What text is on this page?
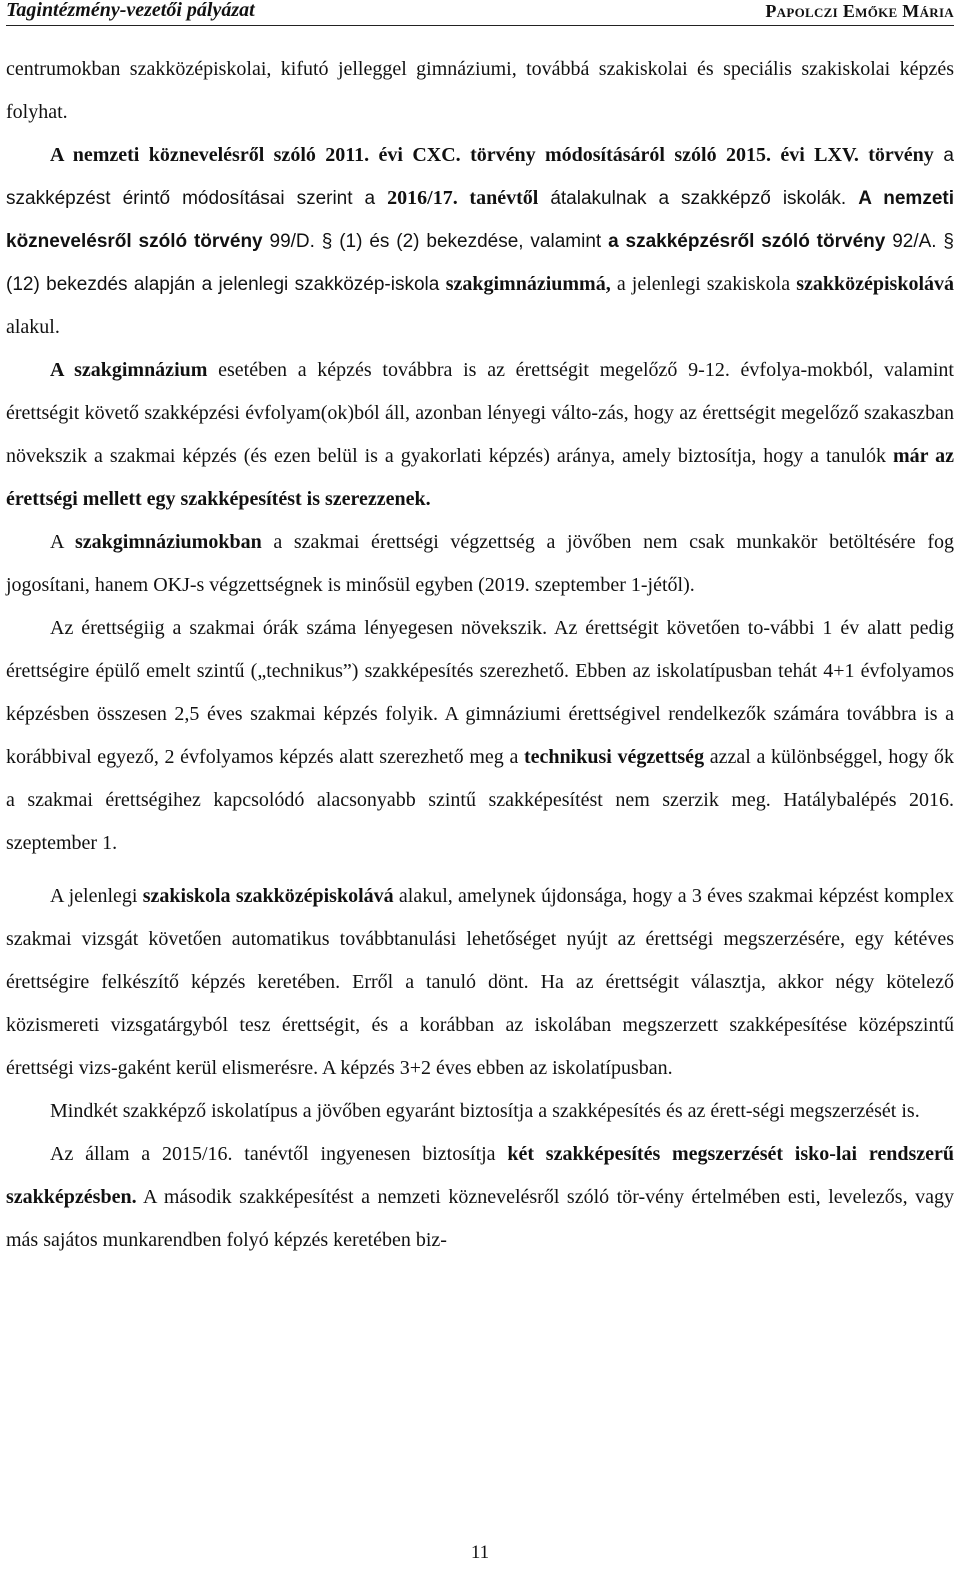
Tagintézmény-vezetői pályázat	Papolczi Emőke Mária

centrumokban szakközépiskolai, kifutó jelleggel gimnáziumi, továbbá szakiskolai és speciális szakiskolai képzés folyhat.

A nemzeti köznevelésről szóló 2011. évi CXC. törvény módosításáról szóló 2015. évi LXV. törvény a szakképzést érintő módosításai szerint a 2016/17. tanévtől átalakulnak a szakképző iskolák. A nemzeti köznevelésről szóló törvény 99/D. § (1) és (2) bekezdése, valamint a szakképzésről szóló törvény 92/A. § (12) bekezdés alapján a jelenlegi szakközép-iskola szakgimnáziummá, a jelenlegi szakiskola szakközépiskolává alakul.

A szakgimnázium esetében a képzés továbbra is az érettségit megelőző 9-12. évfolya-mokból, valamint érettségit követő szakképzési évfolyam(ok)ból áll, azonban lényegi válto-zás, hogy az érettségit megelőző szakaszban növekszik a szakmai képzés (és ezen belül is a gyakorlati képzés) aránya, amely biztosítja, hogy a tanulók már az érettségi mellett egy szakképesítést is szerezzenek.

A szakgimnáziumokban a szakmai érettségi végzettség a jövőben nem csak munkakör betöltésére fog jogosítani, hanem OKJ-s végzettségnek is minősül egyben (2019. szeptember 1-jétől).

Az érettségiig a szakmai órák száma lényegesen növekszik. Az érettségit követően to-vábbi 1 év alatt pedig érettségire épülő emelt szintű („technikus”) szakképesítés szerezhető. Ebben az iskolatípusban tehát 4+1 évfolyamos képzésben összesen 2,5 éves szakmai képzés folyik. A gimnáziumi érettségivel rendelkezők számára továbbra is a korábbival egyező, 2 évfolyamos képzés alatt szerezhető meg a technikusi végzettség azzal a különbséggel, hogy ők a szakmai érettségihez kapcsolódó alacsonyabb szintű szakképesítést nem szerzik meg. Hatálybalépés 2016. szeptember 1.

A jelenlegi szakiskola szakközépiskolává alakul, amelynek újdonsága, hogy a 3 éves szakmai képzést komplex szakmai vizsgát követően automatikus továbbtanulási lehetőséget nyújt az érettségi megszerzésére, egy kétéves érettségire felkészítő képzés keretében. Erről a tanuló dönt. Ha az érettségit választja, akkor négy kötelező közismereti vizsgatárgyból tesz érettségit, és a korábban az iskolában megszerzett szakképesítése középszintű érettségi vizs-gaként kerül elismerésre. A képzés 3+2 éves ebben az iskolatípusban.

Mindkét szakképző iskolatípus a jövőben egyaránt biztosítja a szakképesítés és az érett-ségi megszerzését is.

Az állam a 2015/16. tanévtől ingyenesen biztosítja két szakképesítés megszerzését isko-lai rendszerű szakképzésben. A második szakképesítést a nemzeti köznevelésről szóló tör-vény értelmében esti, levelezős, vagy más sajátos munkarendben folyó képzés keretében biz-

11
